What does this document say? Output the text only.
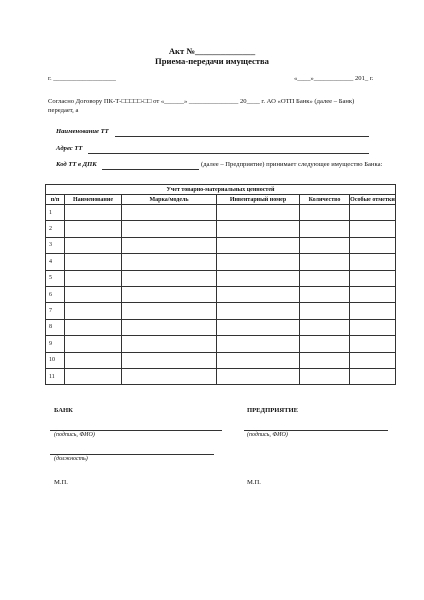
Акт №______________
Приема-передачи имущества
г. ___________________	«____»____________ 201_ г.
Согласно Договору ПК-Т-□□□□□-□□ от «______» _______________ 20____ г. АО «ОТП Банк» (далее – Банк)
передает, а
Наименование ТТ
Адрес ТТ
Код ТТ в ДПК	(далее – Предприятие) принимает следующее имущество Банка:
Учет товарно-материальных ценностей					
п/п	Наименование	Марка/модель	Инвентарный номер	Количество	Особые отметки
1					
2					
3					
4					
5					
6					
7					
8					
9					
10					
11					
БАНК	ПРЕДПРИЯТИЕ
(подпись, ФИО)	(подпись, ФИО)
(должность)
М.П.	М.П.
